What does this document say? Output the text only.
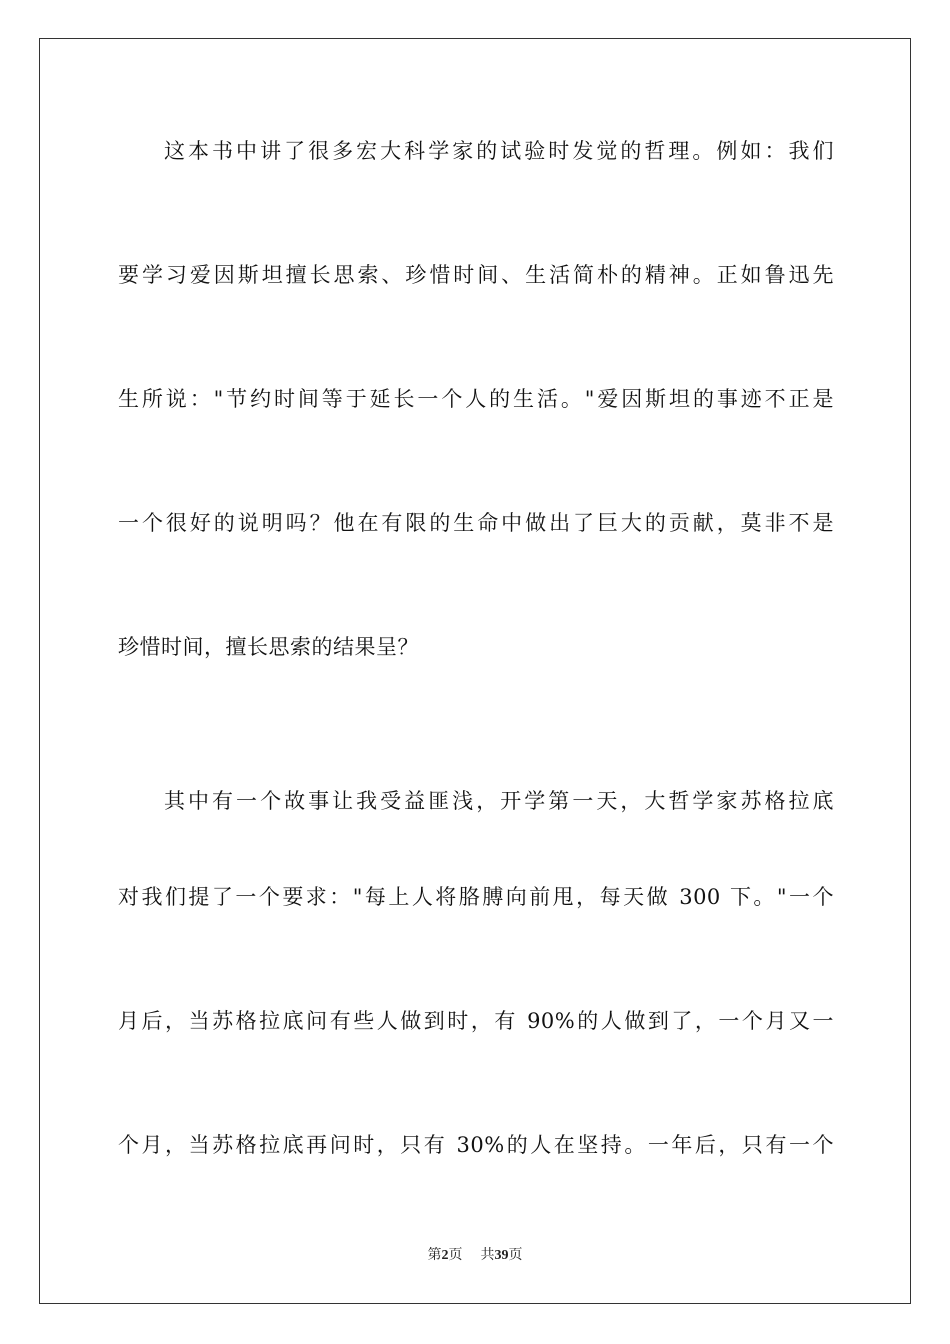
这本书中讲了很多宏大科学家的试验时发觉的哲理。例如：我们
要学习爱因斯坦擅长思索、珍惜时间、生活简朴的精神。正如鲁迅先
生所说："节约时间等于延长一个人的生活。"爱因斯坦的事迹不正是
一个很好的说明吗？他在有限的生命中做出了巨大的贡献，莫非不是
珍惜时间，擅长思索的结果呈？
其中有一个故事让我受益匪浅，开学第一天，大哲学家苏格拉底
对我们提了一个要求："每上人将胳膊向前甩，每天做 300 下。"一个
月后，当苏格拉底问有些人做到时，有 90%的人做到了，一个月又一
个月，当苏格拉底再问时，只有 30%的人在坚持。一年后，只有一个
第2页 共39页
